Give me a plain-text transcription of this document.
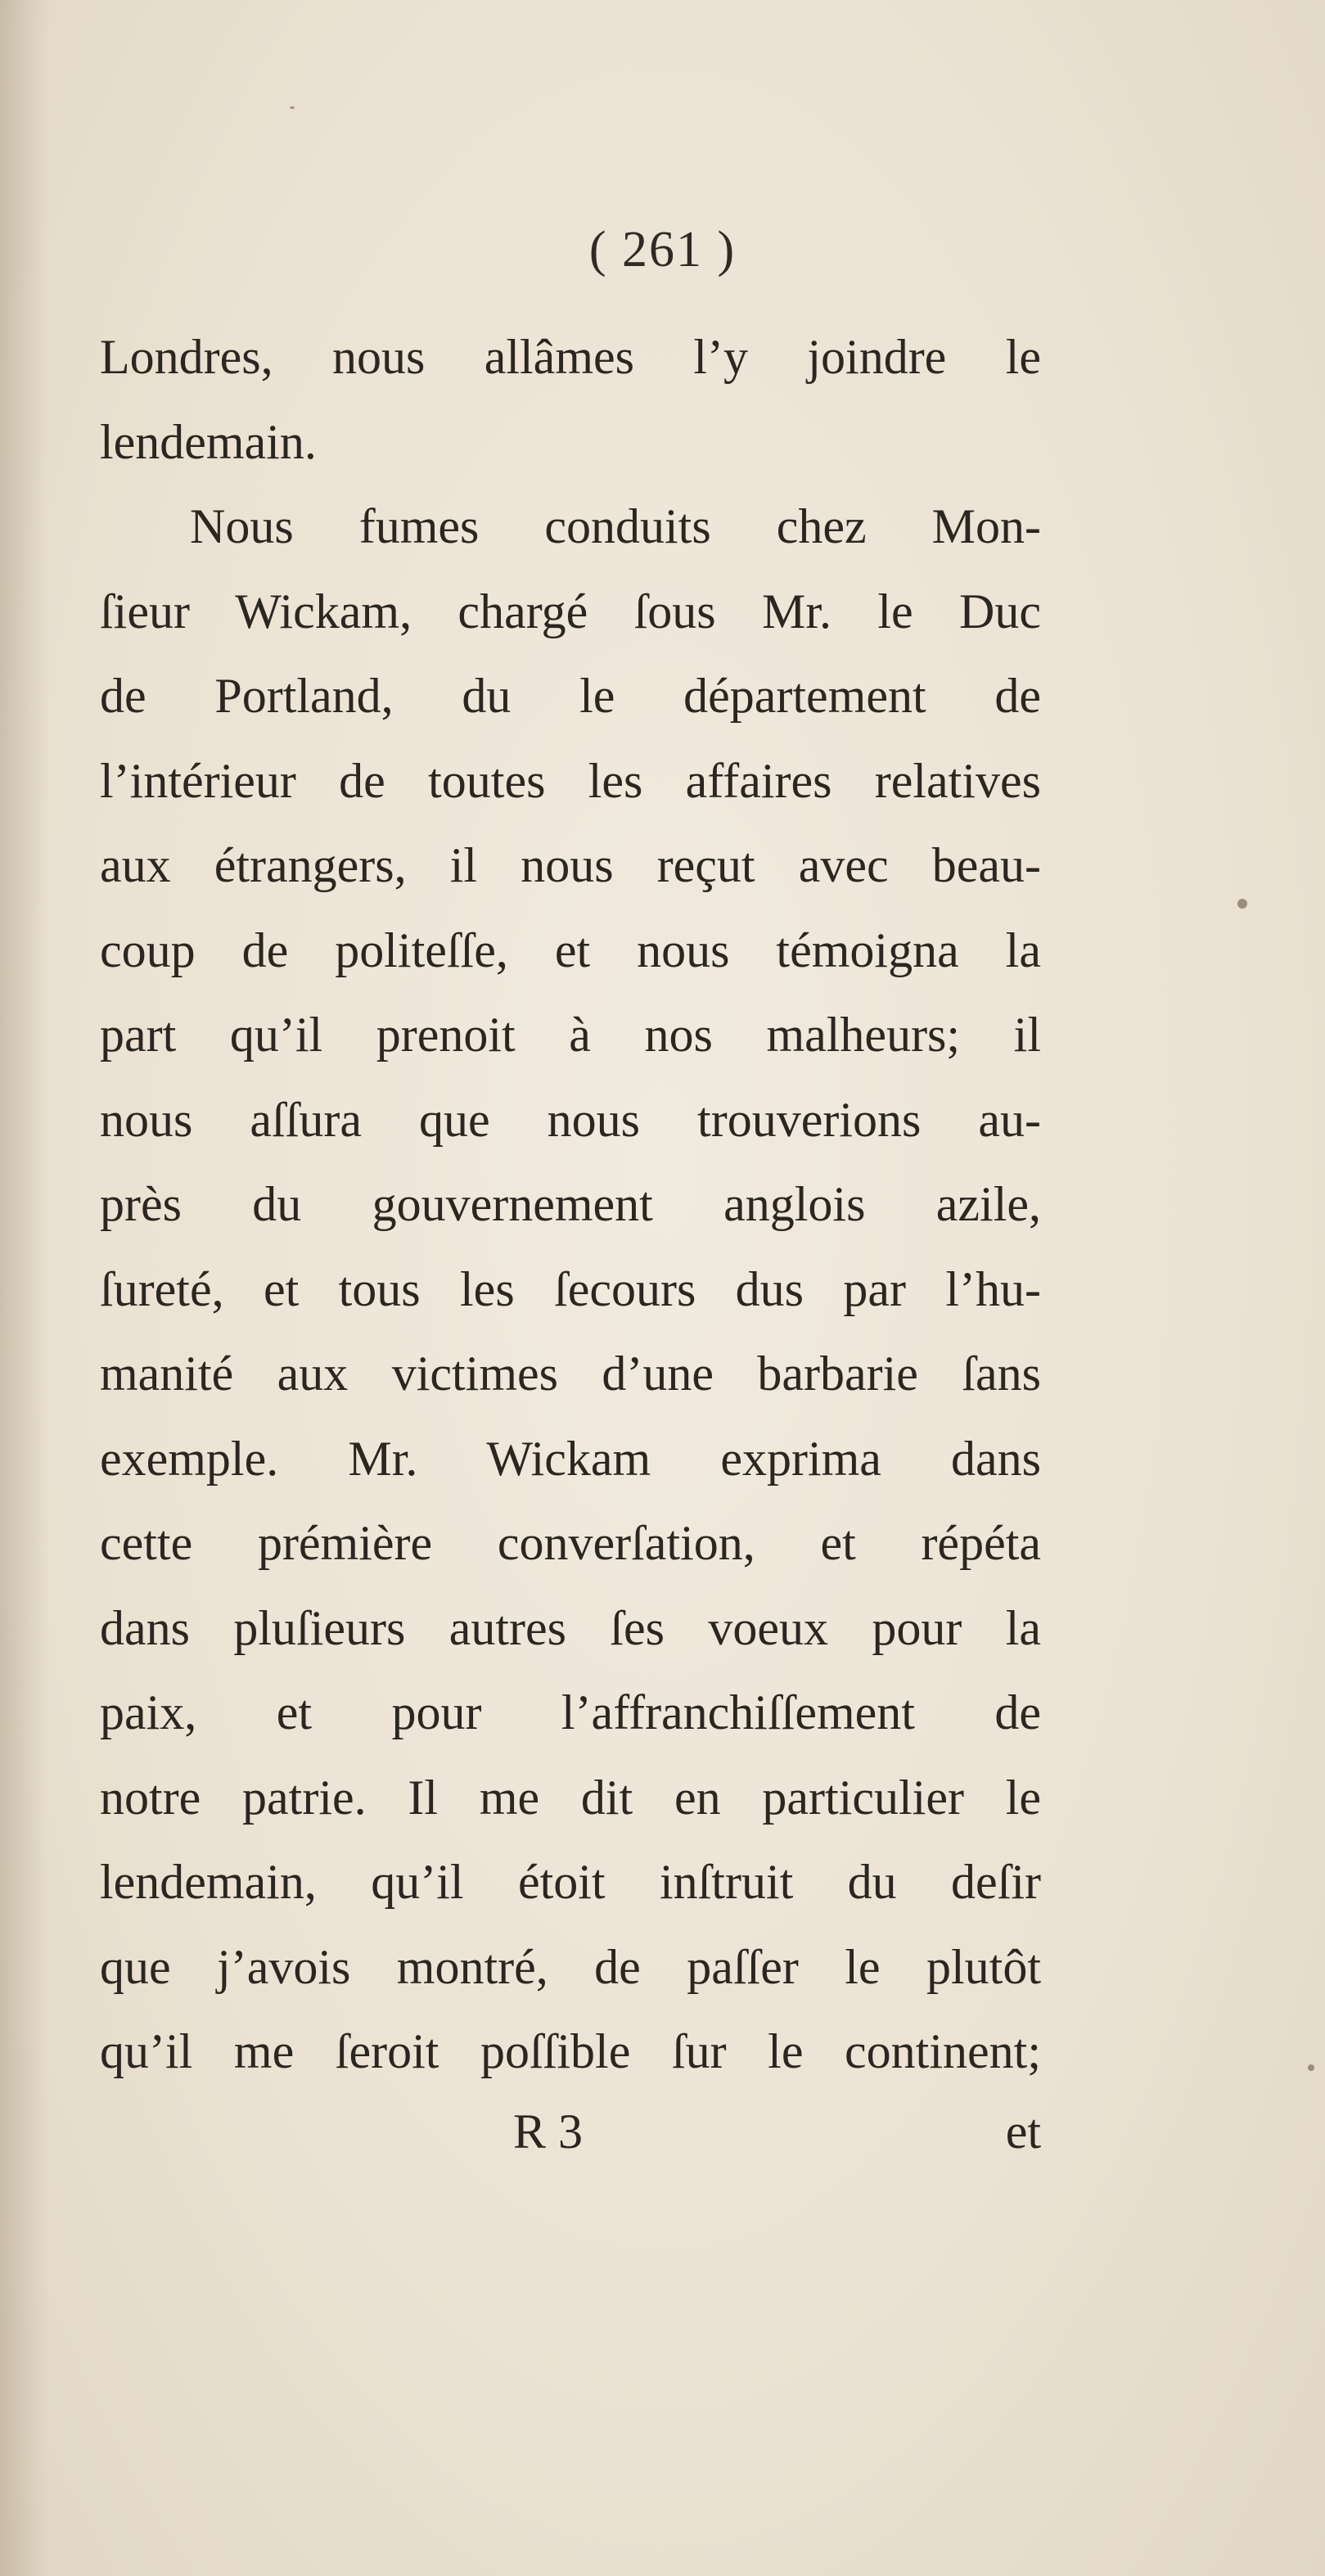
( 261 )
Londres, nous allâmes l’y joindre le
lendemain.
Nous fumes conduits chez Mon-
ſieur Wickam, chargé ſous Mr. le Duc
de Portland, du le département de
l’intérieur de toutes les affaires relatives
aux étrangers, il nous reçut avec beau-
coup de politeſſe, et nous témoigna la
part qu’il prenoit à nos malheurs; il
nous aſſura que nous trouverions au-
près du gouvernement anglois azile,
ſureté, et tous les ſecours dus par l’hu-
manité aux victimes d’une barbarie ſans
exemple. Mr. Wickam exprima dans
cette prémière converſation, et répéta
dans pluſieurs autres ſes voeux pour la
paix, et pour l’affranchiſſement de
notre patrie. Il me dit en particulier le
lendemain, qu’il étoit inſtruit du deſir
que j’avois montré, de paſſer le plutôt
qu’il me ſeroit poſſible ſur le continent;
R 3	et
